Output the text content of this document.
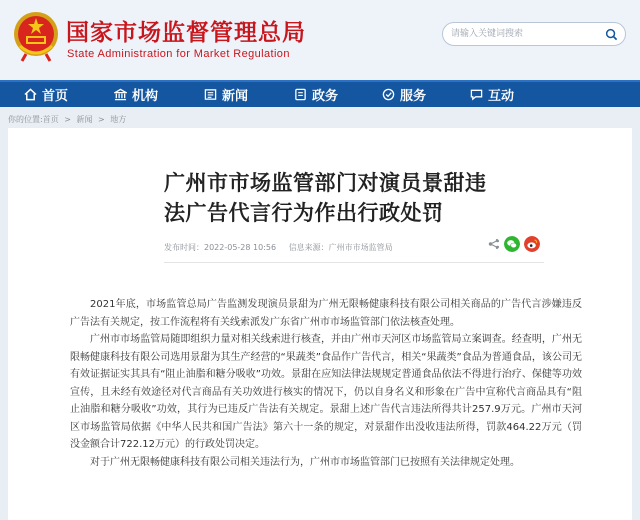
国家市场监督管理总局
State Administration for Market Regulation
请输入关键词搜索
首页	机构	新闻	政务	服务	互动
你的位置:首页 > 新闻 > 地方
广州市市场监管部门对演员景甜违法广告代言行为作出行政处罚
发布时间：2022-05-28 10:56 信息来源：广州市市场监管局

2021年底，市场监管总局广告监测发现演员景甜为广州无限畅健康科技有限公司相关商品的广告代言涉嫌违反广告法有关规定，按工作流程将有关线索派发广东省广州市市场监管部门依法核查处理。

广州市市场监管局随即组织力量对相关线索进行核查，并由广州市天河区市场监管局立案调查。经查明，广州无限畅健康科技有限公司选用景甜为其生产经营的“果蔬类”食品作广告代言，相关“果蔬类”食品为普通食品，该公司无有效证据证实其具有“阻止油脂和糖分吸收”功效。景甜在应知法律法规规定普通食品依法不得进行治疗、保健等功效宣传，且未经有效途径对代言商品有关功效进行核实的情况下，仍以自身名义和形象在广告中宣称代言商品具有“阻止油脂和糖分吸收”功效，其行为已违反广告法有关规定。景甜上述广告代言违法所得共计257.9万元。广州市天河区市场监管局依据《中华人民共和国广告法》第六十一条的规定，对景甜作出没收违法所得，罚款464.22万元（罚没金额合计722.12万元）的行政处罚决定。

对于广州无限畅健康科技有限公司相关违法行为，广州市市场监管部门已按照有关法律规定处理。
